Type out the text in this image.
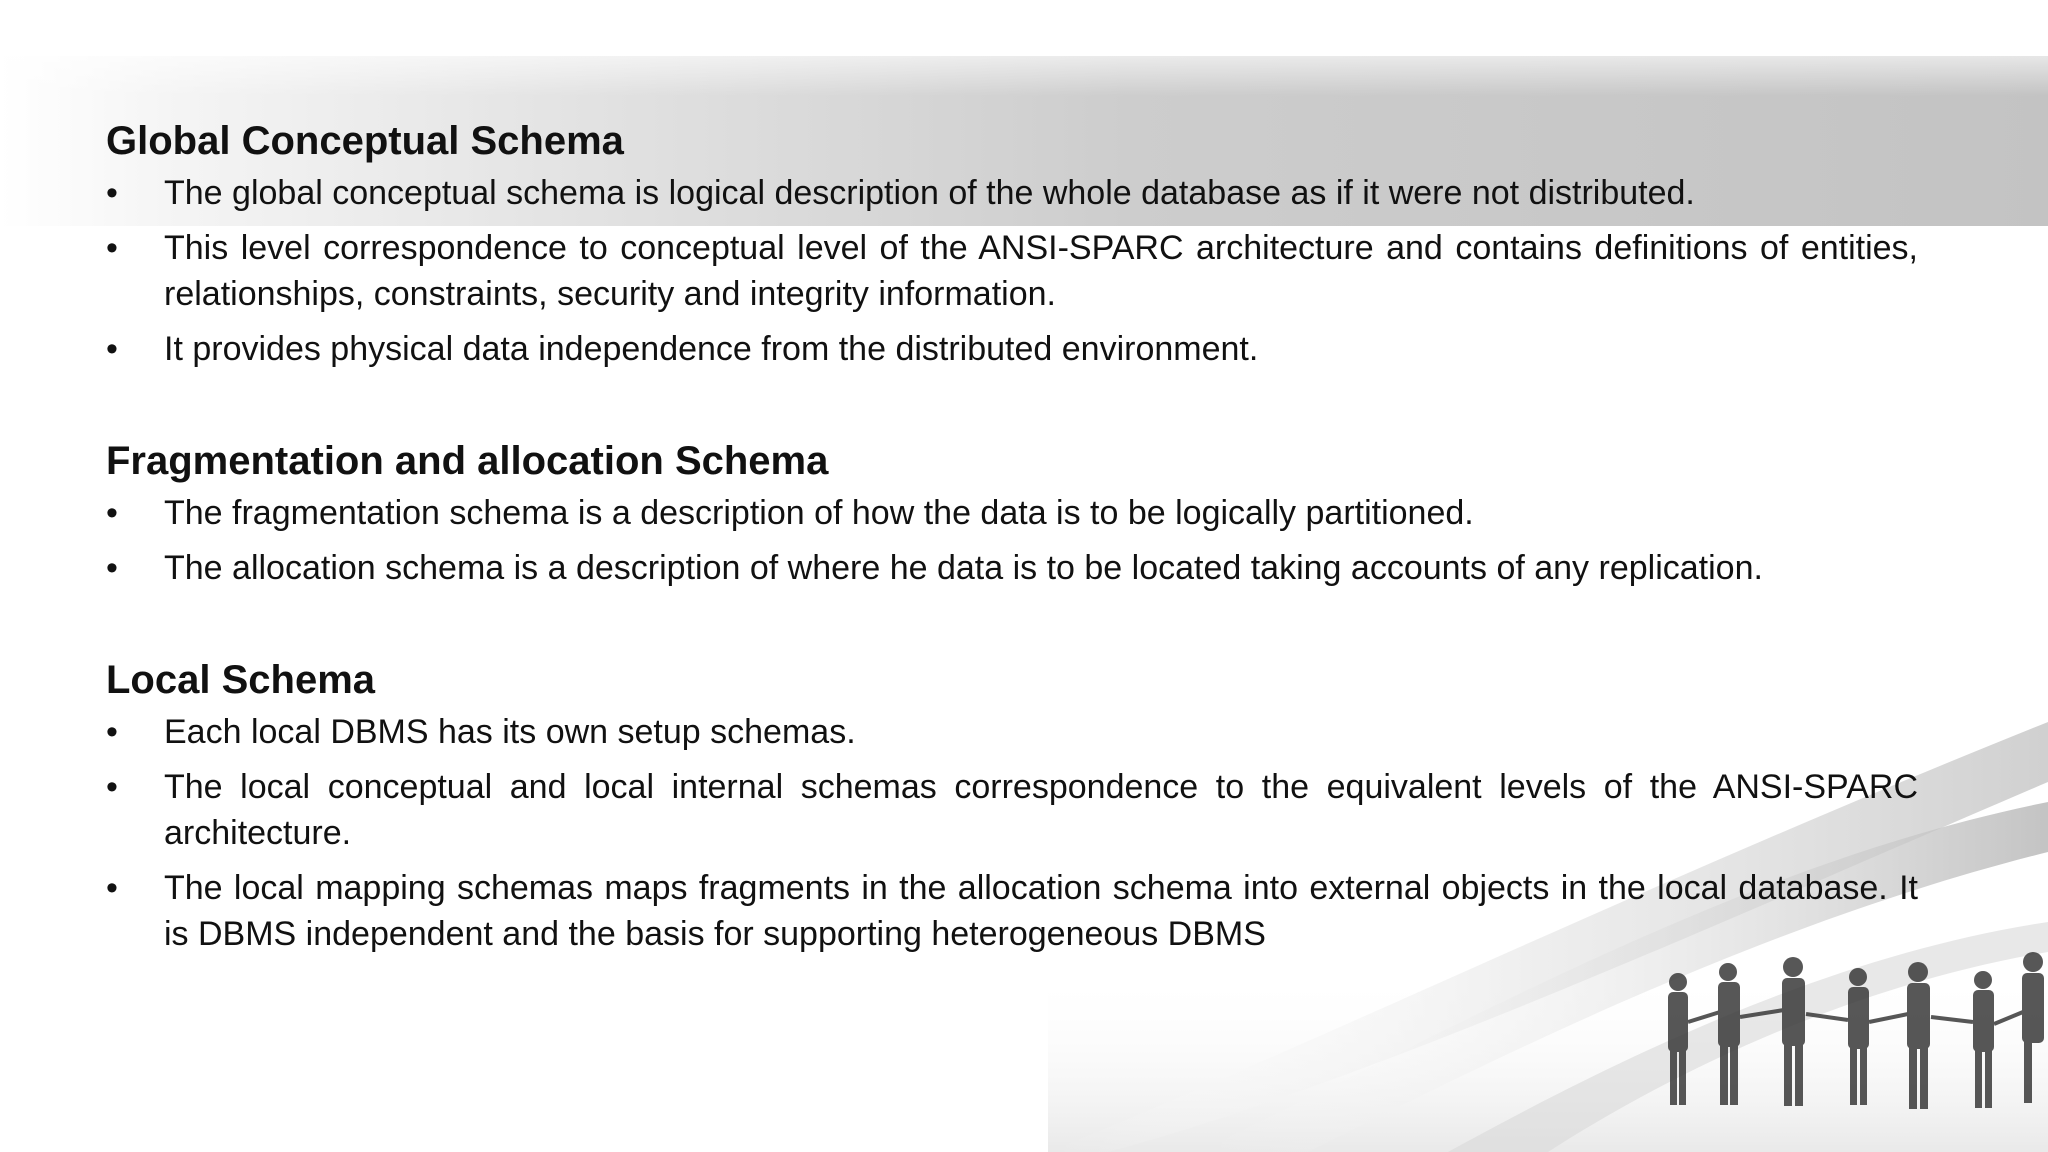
Global Conceptual Schema
• The global conceptual schema is logical description of the whole database as if it were not distributed.
• This level correspondence to conceptual level of the ANSI-SPARC architecture and contains definitions of entities, relationships, constraints, security and integrity information.
• It provides physical data independence from the distributed environment.
Fragmentation and allocation Schema
• The fragmentation schema is a description of how the data is to be logically partitioned.
• The allocation schema is a description of where he data is to be located taking accounts of any replication.
Local Schema
• Each local DBMS has its own setup schemas.
• The local conceptual and local internal schemas correspondence to the equivalent levels of the ANSI-SPARC architecture.
• The local mapping schemas maps fragments in the allocation schema into external objects in the local database. It is DBMS independent and the basis for supporting heterogeneous DBMS
